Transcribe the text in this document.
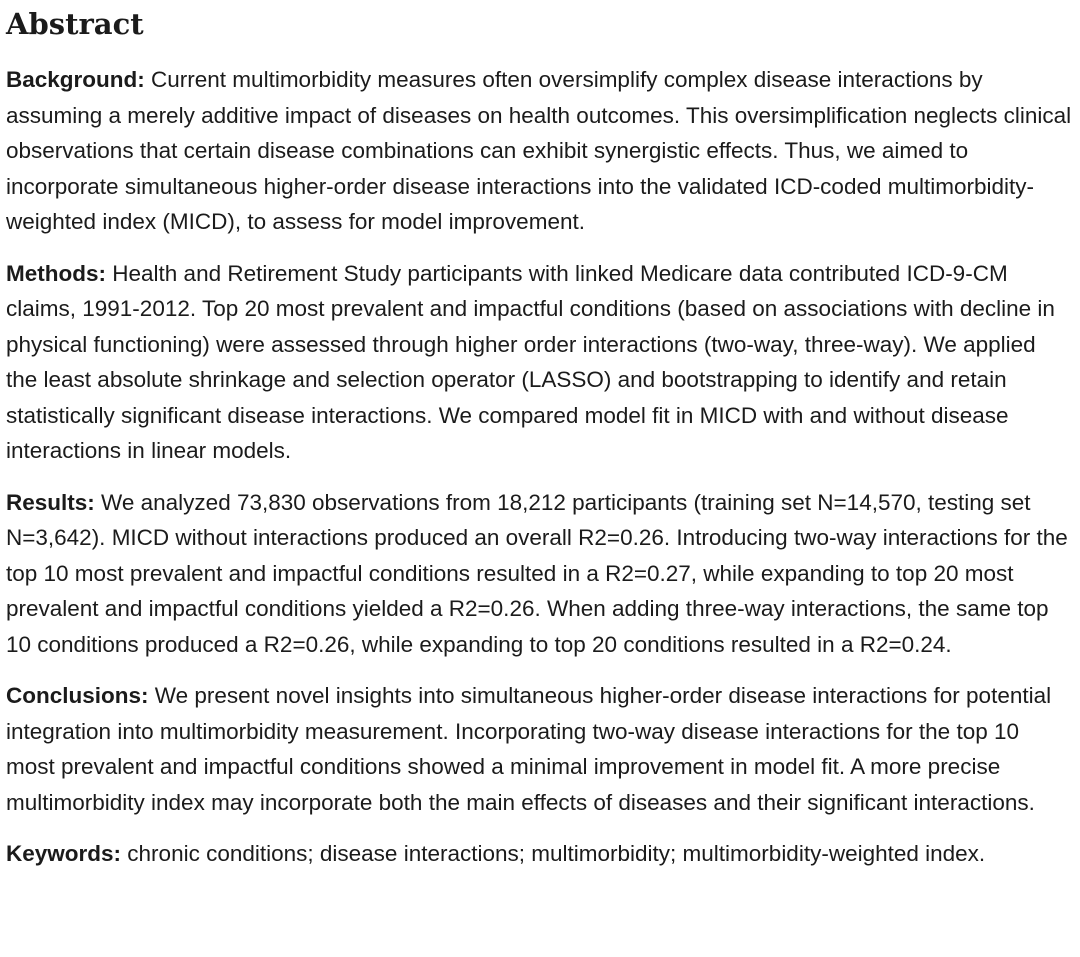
Abstract

Background: Current multimorbidity measures often oversimplify complex disease interactions by assuming a merely additive impact of diseases on health outcomes. This oversimplification neglects clinical observations that certain disease combinations can exhibit synergistic effects. Thus, we aimed to incorporate simultaneous higher-order disease interactions into the validated ICD-coded multimorbidity-weighted index (MICD), to assess for model improvement.

Methods: Health and Retirement Study participants with linked Medicare data contributed ICD-9-CM claims, 1991-2012. Top 20 most prevalent and impactful conditions (based on associations with decline in physical functioning) were assessed through higher order interactions (two-way, three-way). We applied the least absolute shrinkage and selection operator (LASSO) and bootstrapping to identify and retain statistically significant disease interactions. We compared model fit in MICD with and without disease interactions in linear models.

Results: We analyzed 73,830 observations from 18,212 participants (training set N=14,570, testing set N=3,642). MICD without interactions produced an overall R2=0.26. Introducing two-way interactions for the top 10 most prevalent and impactful conditions resulted in a R2=0.27, while expanding to top 20 most prevalent and impactful conditions yielded a R2=0.26. When adding three-way interactions, the same top 10 conditions produced a R2=0.26, while expanding to top 20 conditions resulted in a R2=0.24.

Conclusions: We present novel insights into simultaneous higher-order disease interactions for potential integration into multimorbidity measurement. Incorporating two-way disease interactions for the top 10 most prevalent and impactful conditions showed a minimal improvement in model fit. A more precise multimorbidity index may incorporate both the main effects of diseases and their significant interactions.

Keywords: chronic conditions; disease interactions; multimorbidity; multimorbidity-weighted index.
